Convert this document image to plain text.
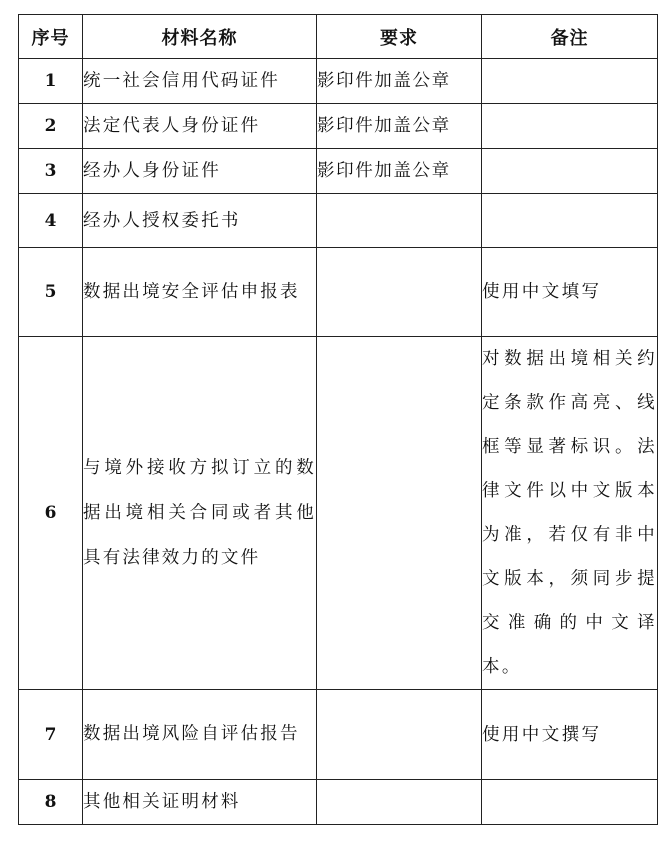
序号	材料名称	要求	备注
1	统一社会信用代码证件	影印件加盖公章	
2	法定代表人身份证件	影印件加盖公章	
3	经办人身份证件	影印件加盖公章	
4	经办人授权委托书		
5	数据出境安全评估申报表		使用中文填写
6	与境外接收方拟订立的数据出境相关合同或者其他具有法律效力的文件		对数据出境相关约定条款作高亮、线框等显著标识。法律文件以中文版本为准，若仅有非中文版本，须同步提交准确的中文译本。
7	数据出境风险自评估报告		使用中文撰写
8	其他相关证明材料		
